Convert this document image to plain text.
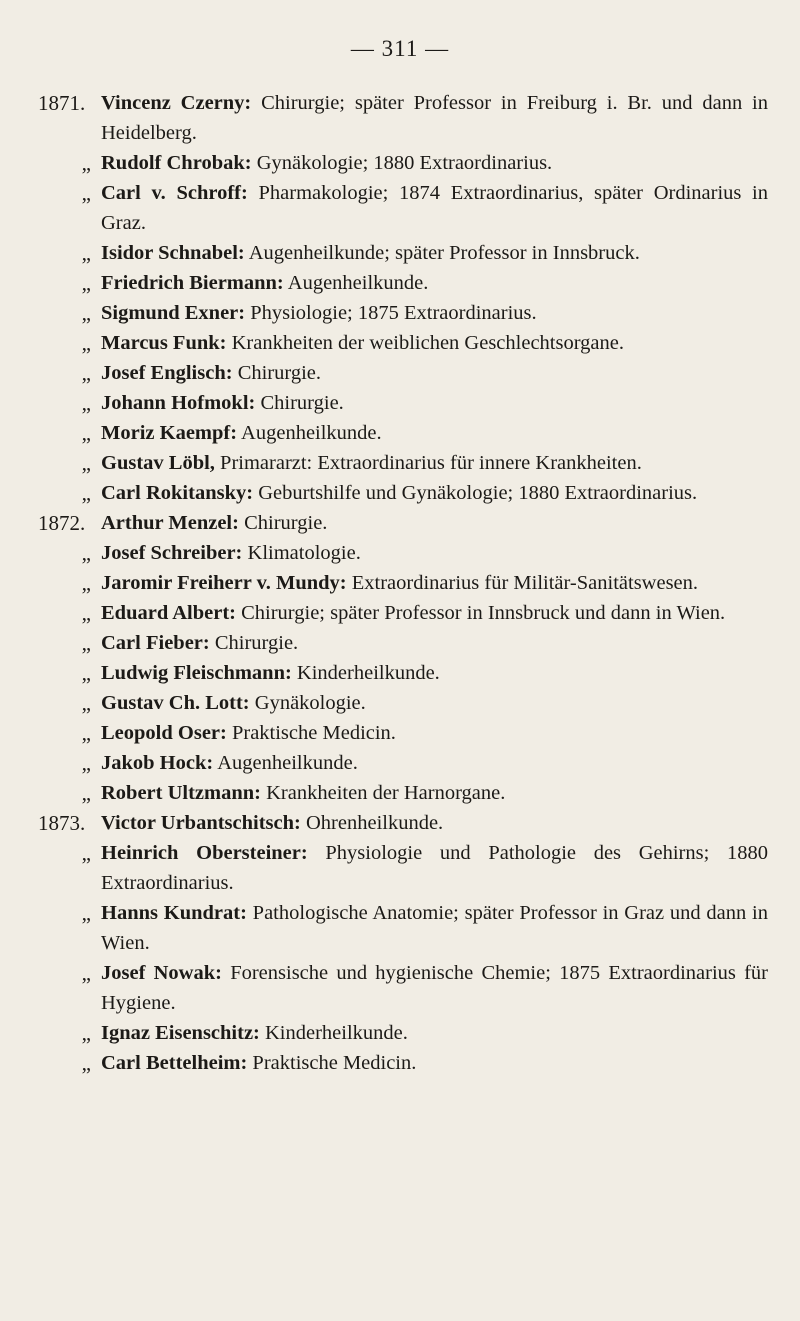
— 311 —
1871. Vincenz Czerny: Chirurgie; später Professor in Freiburg i. Br. und dann in Heidelberg.
„ Rudolf Chrobak: Gynäkologie; 1880 Extraordinarius.
„ Carl v. Schroff: Pharmakologie; 1874 Extraordinarius, später Ordinarius in Graz.
„ Isidor Schnabel: Augenheilkunde; später Professor in Innsbruck.
„ Friedrich Biermann: Augenheilkunde.
„ Sigmund Exner: Physiologie; 1875 Extraordinarius.
„ Marcus Funk: Krankheiten der weiblichen Geschlechtsorgane.
„ Josef Englisch: Chirurgie.
„ Johann Hofmokl: Chirurgie.
„ Moriz Kaempf: Augenheilkunde.
„ Gustav Löbl, Primararzt: Extraordinarius für innere Krankheiten.
„ Carl Rokitansky: Geburtshilfe und Gynäkologie; 1880 Extraordinarius.
1872. Arthur Menzel: Chirurgie.
„ Josef Schreiber: Klimatologie.
„ Jaromir Freiherr v. Mundy: Extraordinarius für Militär-Sanitätswesen.
„ Eduard Albert: Chirurgie; später Professor in Innsbruck und dann in Wien.
„ Carl Fieber: Chirurgie.
„ Ludwig Fleischmann: Kinderheilkunde.
„ Gustav Ch. Lott: Gynäkologie.
„ Leopold Oser: Praktische Medicin.
„ Jakob Hock: Augenheilkunde.
„ Robert Ultzmann: Krankheiten der Harnorgane.
1873. Victor Urbantschitsch: Ohrenheilkunde.
„ Heinrich Obersteiner: Physiologie und Pathologie des Gehirns; 1880 Extraordinarius.
„ Hanns Kundrat: Pathologische Anatomie; später Professor in Graz und dann in Wien.
„ Josef Nowak: Forensische und hygienische Chemie; 1875 Extraordinarius für Hygiene.
„ Ignaz Eisenschitz: Kinderheilkunde.
„ Carl Bettelheim: Praktische Medicin.
